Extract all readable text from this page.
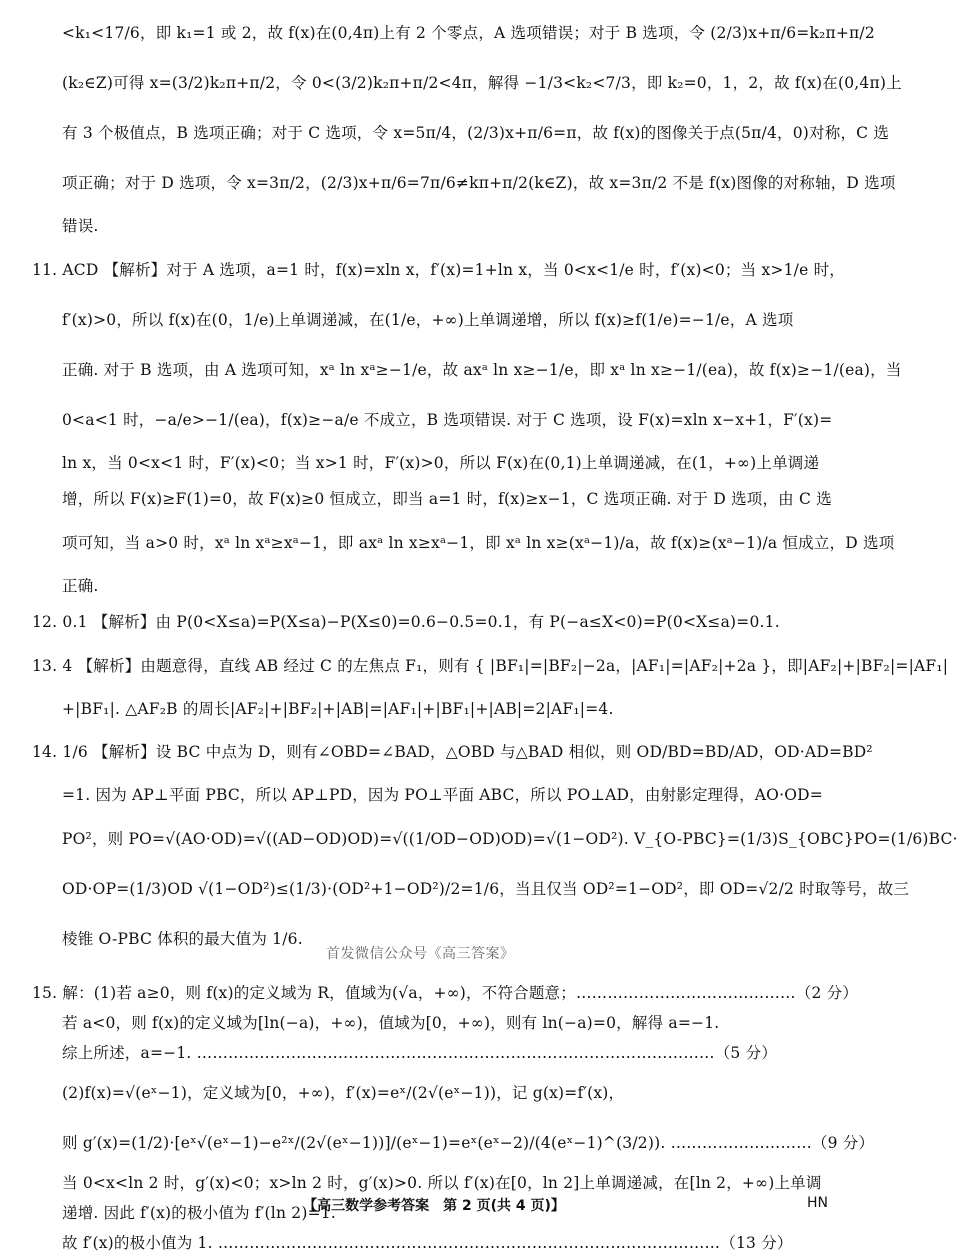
<k₁<17/6，即 k₁=1 或 2，故 f(x)在(0,4π)上有 2 个零点，A 选项错误；对于 B 选项，令 (2/3)x+π/6=k₂π+π/2
(k₂∈Z)可得 x=(3/2)k₂π+π/2，令 0<(3/2)k₂π+π/2<4π，解得 −1/3<k₂<7/3，即 k₂=0，1，2，故 f(x)在(0,4π)上
有 3 个极值点，B 选项正确；对于 C 选项，令 x=5π/4，(2/3)x+π/6=π，故 f(x)的图像关于点(5π/4，0)对称，C 选
项正确；对于 D 选项，令 x=3π/2，(2/3)x+π/6=7π/6≠kπ+π/2(k∈Z)，故 x=3π/2 不是 f(x)图像的对称轴，D 选项
错误.
11. ACD 【解析】对于 A 选项，a=1 时，f(x)=xln x，f′(x)=1+ln x，当 0<x<1/e 时，f′(x)<0；当 x>1/e 时，
f′(x)>0，所以 f(x)在(0，1/e)上单调递减，在(1/e，+∞)上单调递增，所以 f(x)≥f(1/e)=−1/e，A 选项
正确. 对于 B 选项，由 A 选项可知，xᵃ ln xᵃ≥−1/e，故 axᵃ ln x≥−1/e，即 xᵃ ln x≥−1/(ea)，故 f(x)≥−1/(ea)，当
0<a<1 时，−a/e>−1/(ea)，f(x)≥−a/e 不成立，B 选项错误. 对于 C 选项，设 F(x)=xln x−x+1，F′(x)=
ln x，当 0<x<1 时，F′(x)<0；当 x>1 时，F′(x)>0，所以 F(x)在(0,1)上单调递减，在(1，+∞)上单调递
增，所以 F(x)≥F(1)=0，故 F(x)≥0 恒成立，即当 a=1 时，f(x)≥x−1，C 选项正确. 对于 D 选项，由 C 选
项可知，当 a>0 时，xᵃ ln xᵃ≥xᵃ−1，即 axᵃ ln x≥xᵃ−1，即 xᵃ ln x≥(xᵃ−1)/a，故 f(x)≥(xᵃ−1)/a 恒成立，D 选项
正确.
12. 0.1 【解析】由 P(0<X≤a)=P(X≤a)−P(X≤0)=0.6−0.5=0.1，有 P(−a≤X<0)=P(0<X≤a)=0.1.
13. 4 【解析】由题意得，直线 AB 经过 C 的左焦点 F₁，则有 { |BF₁|=|BF₂|−2a，|AF₁|=|AF₂|+2a }，即|AF₂|+|BF₂|=|AF₁|
+|BF₁|. △AF₂B 的周长|AF₂|+|BF₂|+|AB|=|AF₁|+|BF₁|+|AB|=2|AF₁|=4.
14. 1/6 【解析】设 BC 中点为 D，则有∠OBD=∠BAD，△OBD 与△BAD 相似，则 OD/BD=BD/AD，OD·AD=BD²
=1. 因为 AP⊥平面 PBC，所以 AP⊥PD，因为 PO⊥平面 ABC，所以 PO⊥AD，由射影定理得，AO·OD=
PO²，则 PO=√(AO·OD)=√((AD−OD)OD)=√((1/OD−OD)OD)=√(1−OD²). V_{O-PBC}=(1/3)S_{OBC}PO=(1/6)BC·
OD·OP=(1/3)OD √(1−OD²)≤(1/3)·(OD²+1−OD²)/2=1/6，当且仅当 OD²=1−OD²，即 OD=√2/2 时取等号，故三
棱锥 O-PBC 体积的最大值为 1/6.
15. 解：(1)若 a≥0，则 f(x)的定义域为 R，值域为(√a，+∞)，不符合题意；……………………………………（2 分）
若 a<0，则 f(x)的定义域为[ln(−a)，+∞)，值域为[0，+∞)，则有 ln(−a)=0，解得 a=−1.
综上所述，a=−1. ………………………………………………………………………………………（5 分）
(2)f(x)=√(eˣ−1)，定义域为[0，+∞)，f′(x)=eˣ/(2√(eˣ−1))，记 g(x)=f′(x)，
则 g′(x)=(1/2)·[eˣ√(eˣ−1)−e²ˣ/(2√(eˣ−1))]/(eˣ−1)=eˣ(eˣ−2)/(4(eˣ−1)^(3/2)). ………………………（9 分）
当 0<x<ln 2 时，g′(x)<0；x>ln 2 时，g′(x)>0. 所以 f′(x)在[0，ln 2]上单调递减，在[ln 2，+∞)上单调
递增. 因此 f′(x)的极小值为 f′(ln 2)=1.
故 f′(x)的极小值为 1. ……………………………………………………………………………………（13 分）
首发微信公众号《高三答案》
【高三数学参考答案　第 2 页(共 4 页)】	HN
